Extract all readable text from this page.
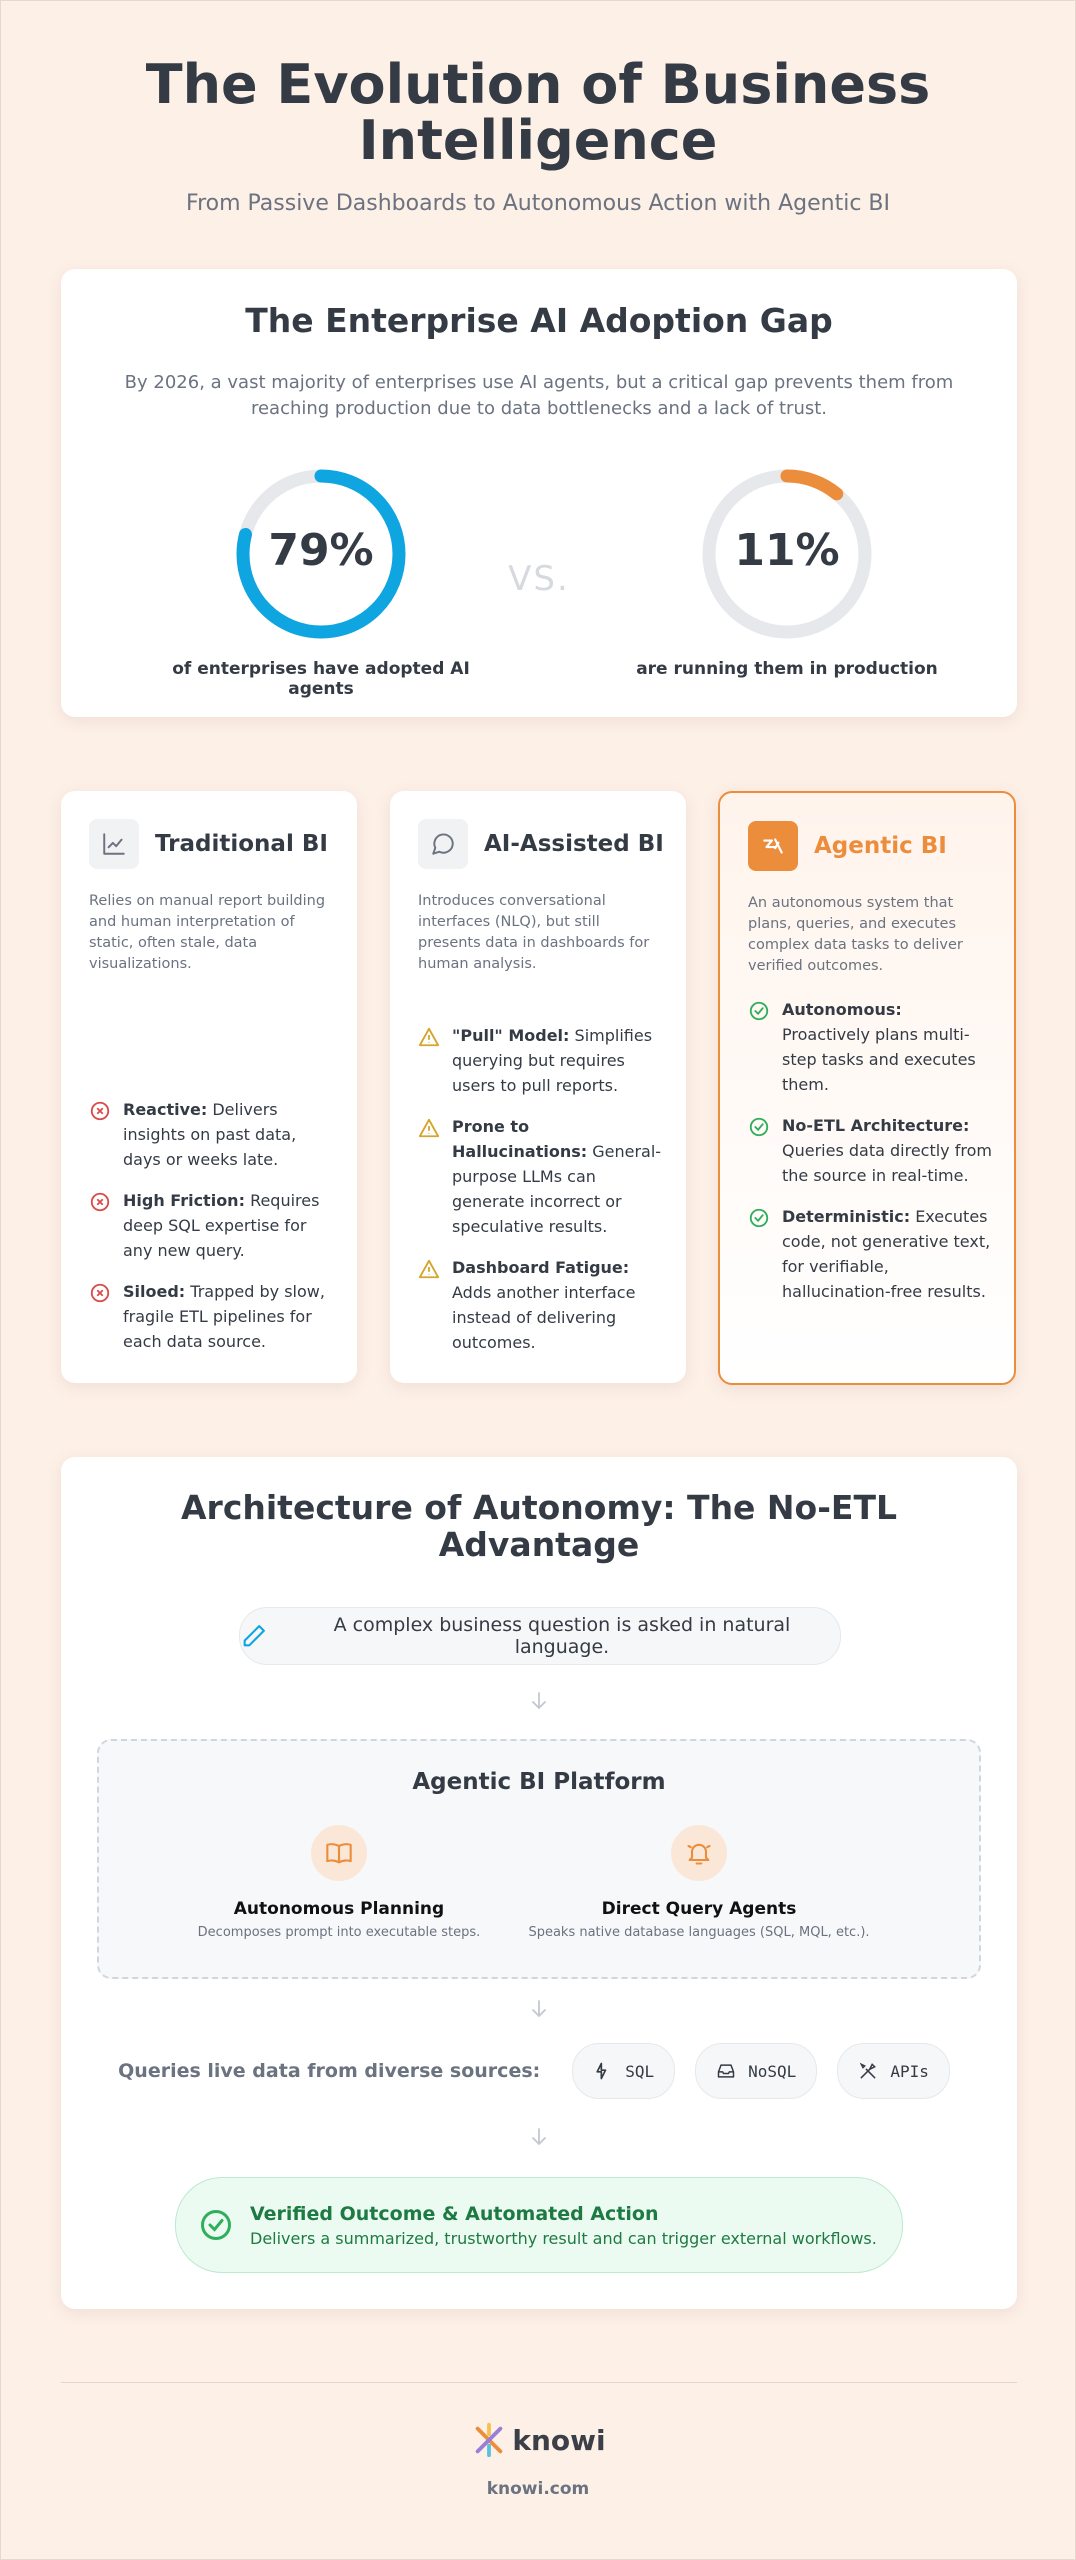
The Evolution of Business Intelligence
From Passive Dashboards to Autonomous Action with Agentic BI
The Enterprise AI Adoption Gap

By 2026, a vast majority of enterprises use AI agents, but a critical gap prevents them from reaching production due to data bottlenecks and a lack of trust.

79%
of enterprises have adopted AI agents
VS.
11%
are running them in production
Traditional BI
Relies on manual report building and human interpretation of static, often stale, data visualizations.
Reactive: Delivers insights on past data, days or weeks late.
High Friction: Requires deep SQL expertise for any new query.
Siloed: Trapped by slow, fragile ETL pipelines for each data source.
AI-Assisted BI
Introduces conversational interfaces (NLQ), but still presents data in dashboards for human analysis.
"Pull" Model: Simplifies querying but requires users to pull reports.
Prone to Hallucinations: General-purpose LLMs can generate incorrect or speculative results.
Dashboard Fatigue: Adds another interface instead of delivering outcomes.
Agentic BI
An autonomous system that plans, queries, and executes complex data tasks to deliver verified outcomes.
Autonomous: Proactively plans multi-step tasks and executes them.
No-ETL Architecture: Queries data directly from the source in real-time.
Deterministic: Executes code, not generative text, for verifiable, hallucination-free results.
Architecture of Autonomy: The No-ETL Advantage
A complex business question is asked in natural language.
Agentic BI Platform
Autonomous Planning
Decomposes prompt into executable steps.
Direct Query Agents
Speaks native database languages (SQL, MQL, etc.).
Queries live data from diverse sources:	SQL	NoSQL	APIs
Verified Outcome & Automated Action
Delivers a summarized, trustworthy result and can trigger external workflows.
knowi
knowi.com
